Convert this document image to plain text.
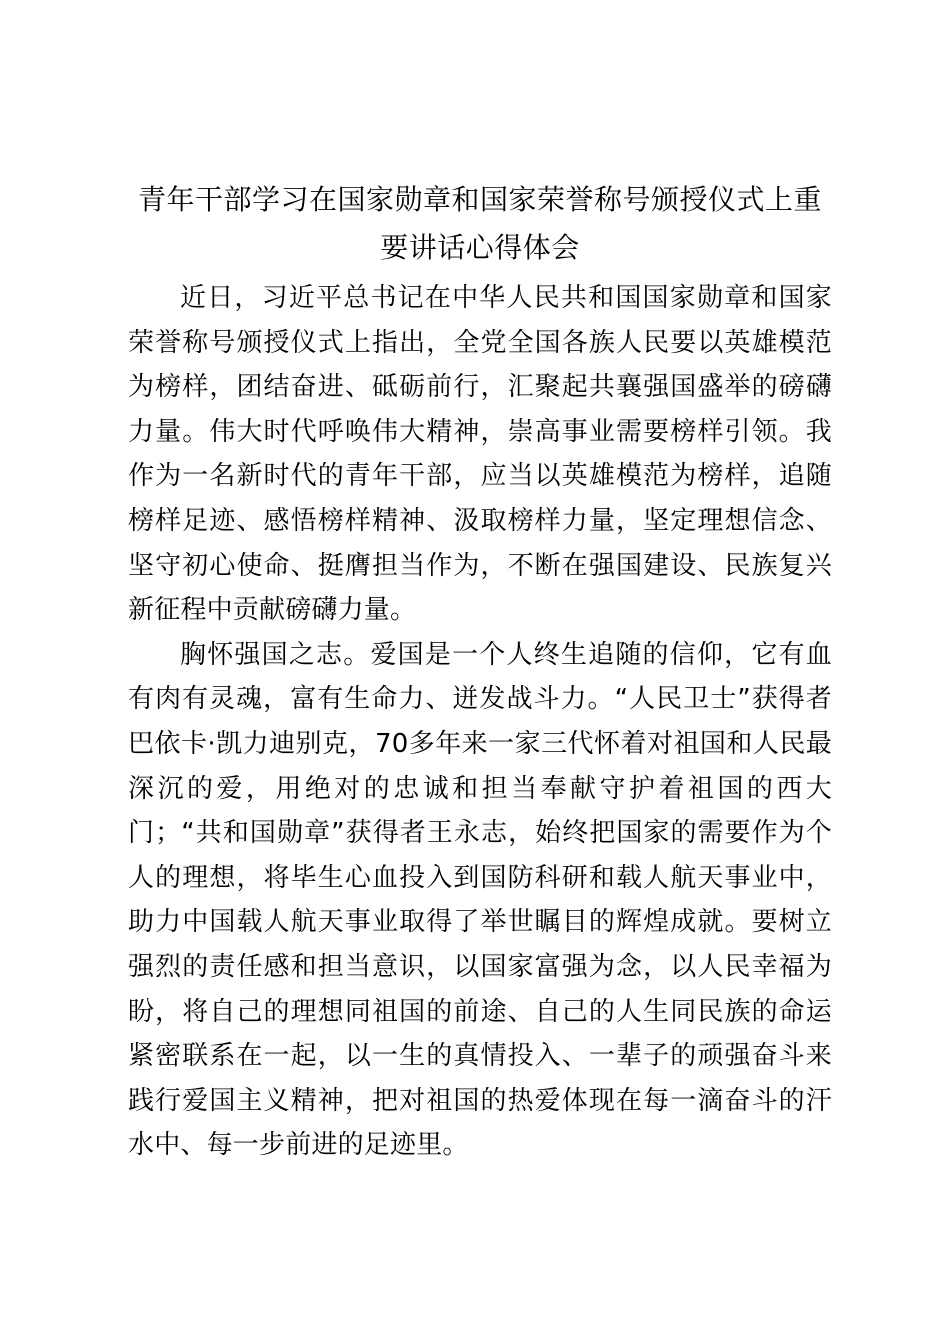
青年干部学习在国家勋章和国家荣誉称号颁授仪式上重要讲话心得体会

近日，习近平总书记在中华人民共和国国家勋章和国家荣誉称号颁授仪式上指出，全党全国各族人民要以英雄模范为榜样，团结奋进、砥砺前行，汇聚起共襄强国盛举的磅礴力量。伟大时代呼唤伟大精神，崇高事业需要榜样引领。我作为一名新时代的青年干部，应当以英雄模范为榜样，追随榜样足迹、感悟榜样精神、汲取榜样力量，坚定理想信念、坚守初心使命、挺膺担当作为，不断在强国建设、民族复兴新征程中贡献磅礴力量。

胸怀强国之志。爱国是一个人终生追随的信仰，它有血有肉有灵魂，富有生命力、迸发战斗力。“人民卫士”获得者巴依卡·凯力迪别克，70多年来一家三代怀着对祖国和人民最深沉的爱，用绝对的忠诚和担当奉献守护着祖国的西大门；“共和国勋章”获得者王永志，始终把国家的需要作为个人的理想，将毕生心血投入到国防科研和载人航天事业中，助力中国载人航天事业取得了举世瞩目的辉煌成就。要树立强烈的责任感和担当意识，以国家富强为念，以人民幸福为盼，将自己的理想同祖国的前途、自己的人生同民族的命运紧密联系在一起，以一生的真情投入、一辈子的顽强奋斗来践行爱国主义精神，把对祖国的热爱体现在每一滴奋斗的汗水中、每一步前进的足迹里。
